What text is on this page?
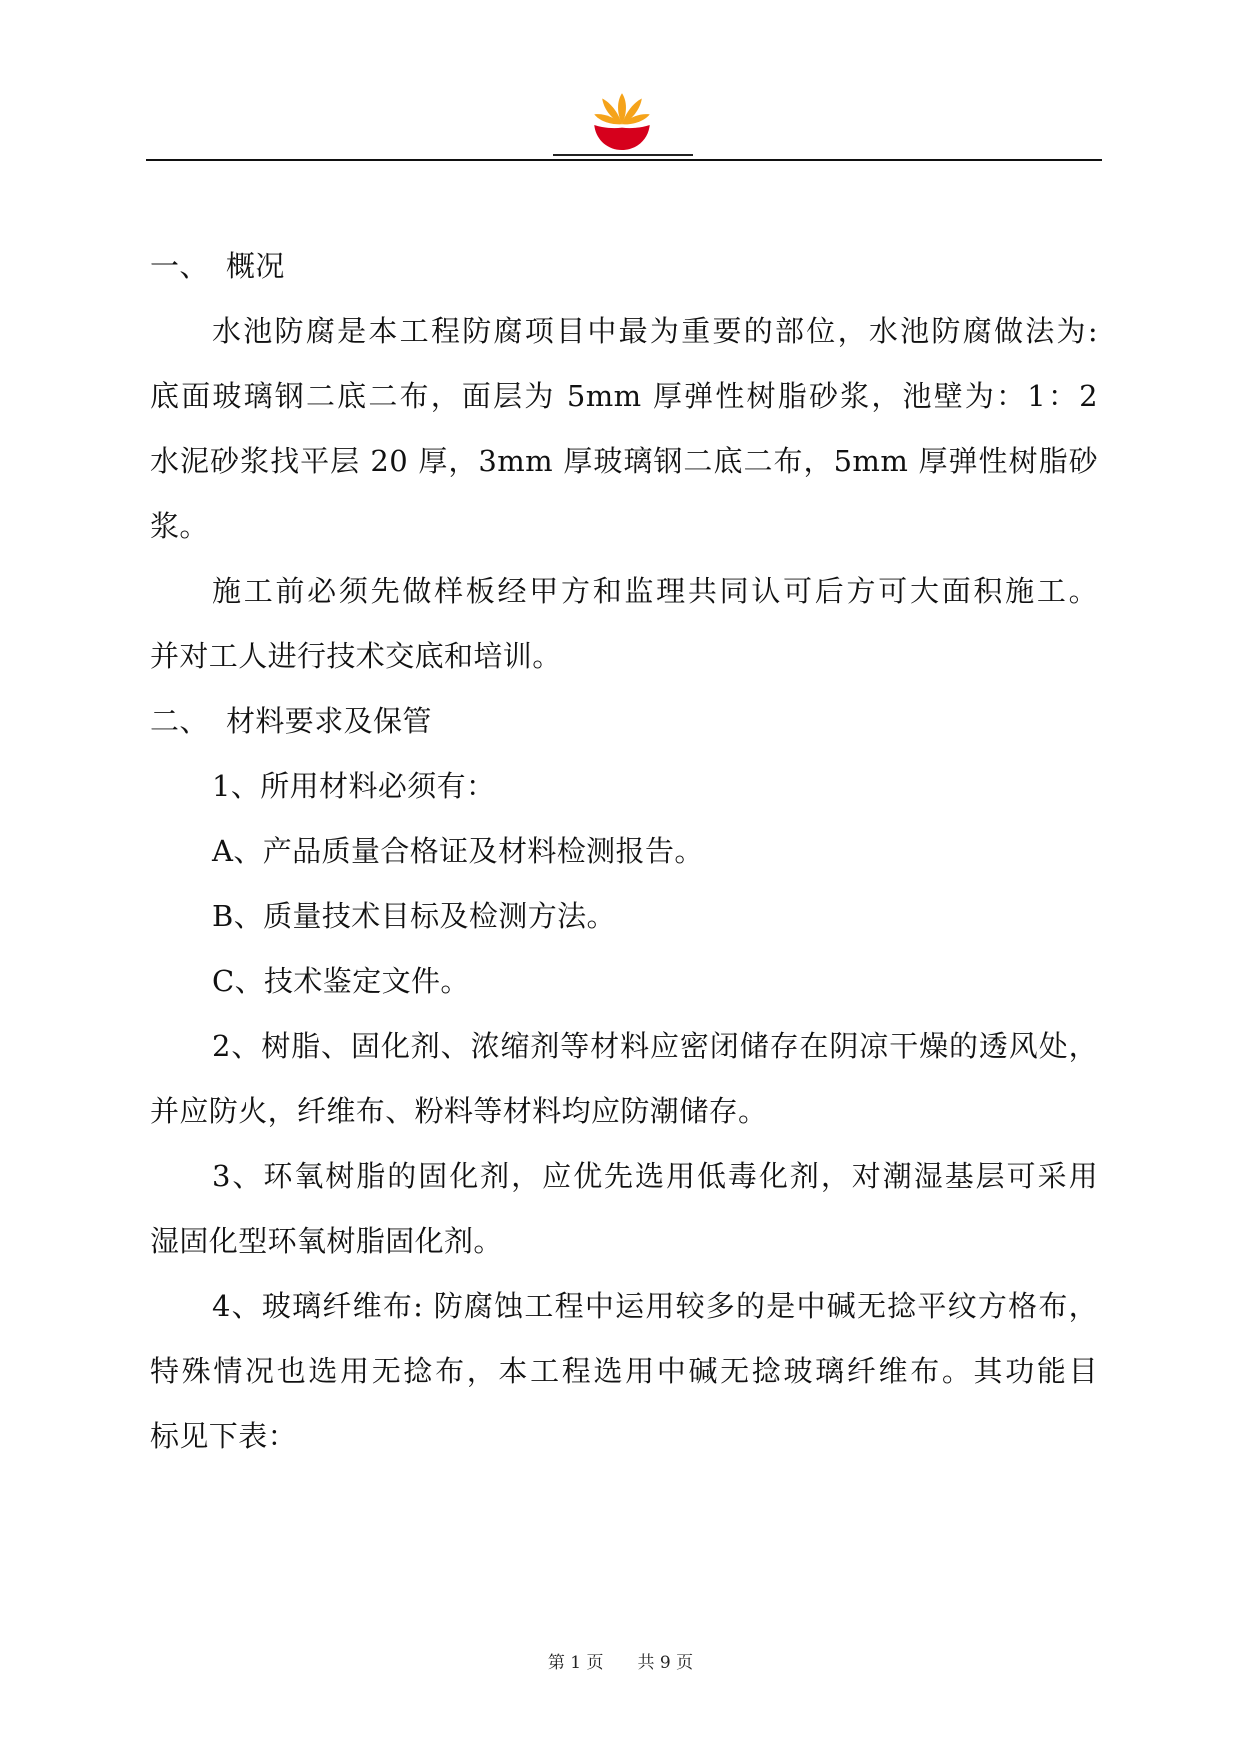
一、 概况
水池防腐是本工程防腐项目中最为重要的部位，水池防腐做法为:
底面玻璃钢二底二布，面层为 5mm 厚弹性树脂砂浆，池壁为：1：2
水泥砂浆找平层 20 厚，3mm 厚玻璃钢二底二布，5mm 厚弹性树脂砂
浆。
施工前必须先做样板经甲方和监理共同认可后方可大面积施工。
并对工人进行技术交底和培训。
二、 材料要求及保管
1、所用材料必须有：
A、产品质量合格证及材料检测报告。
B、质量技术目标及检测方法。
C、技术鉴定文件。
2、树脂、固化剂、浓缩剂等材料应密闭储存在阴凉干燥的透风处，
并应防火，纤维布、粉料等材料均应防潮储存。
3、环氧树脂的固化剂，应优先选用低毒化剂，对潮湿基层可采用
湿固化型环氧树脂固化剂。
4、玻璃纤维布: 防腐蚀工程中运用较多的是中碱无捻平纹方格布，
特殊情况也选用无捻布，本工程选用中碱无捻玻璃纤维布。其功能目
标见下表：
第 1 页 共 9 页
